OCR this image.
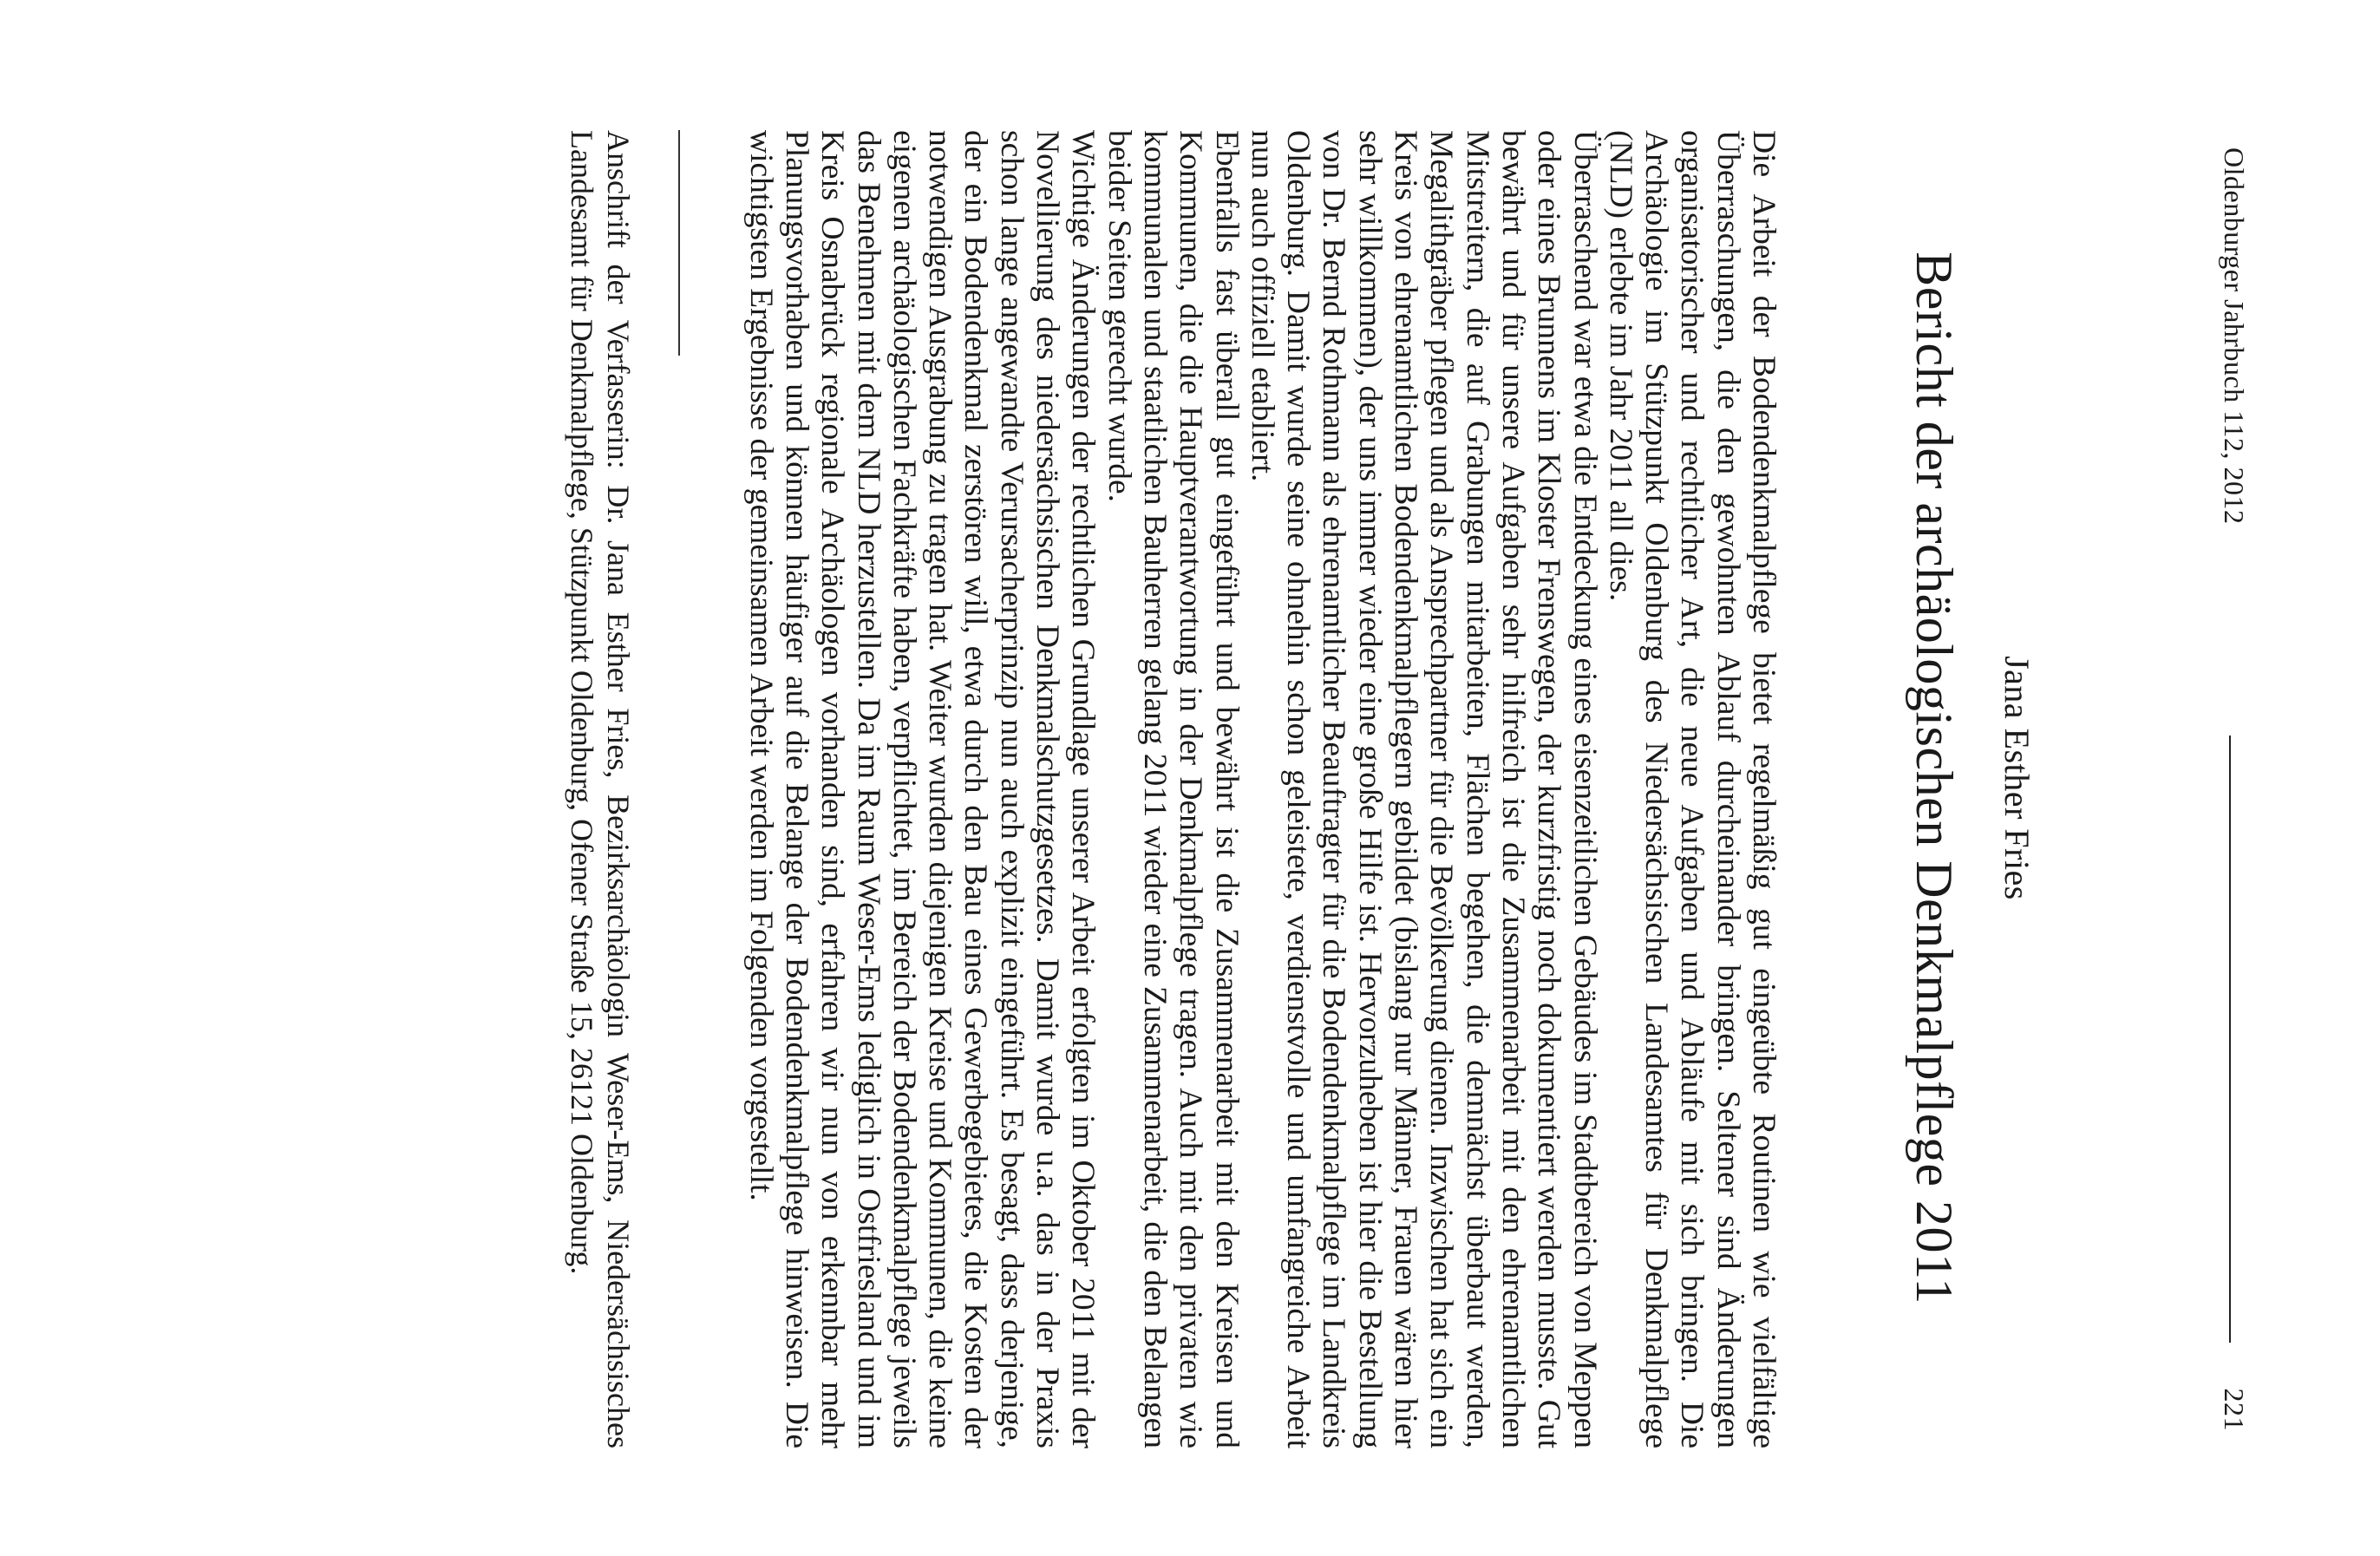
Oldenburger Jahrbuch 112, 2012
221
Jana Esther Fries
Bericht der archäologischen Denkmalpflege 2011

Die Arbeit der Bodendenkmalpflege bietet regelmäßig gut eingeübte Routinen wie vielfältige Überraschungen, die den gewohnten Ablauf durcheinander bringen. Seltener sind Änderungen organisatorischer und rechtlicher Art, die neue Aufgaben und Abläufe mit sich bringen. Die Archäologie im Stützpunkt Oldenburg des Niedersächsischen Landesamtes für Denkmalpflege (NLD) erlebte im Jahr 2011 all dies.

Überraschend war etwa die Entdeckung eines eisenzeitlichen Gebäudes im Stadtbereich von Meppen oder eines Brunnens im Kloster Frenswegen, der kurzfristig noch dokumentiert werden musste. Gut bewährt und für unsere Aufgaben sehr hilfreich ist die Zusammenarbeit mit den ehrenamtlichen Mitstreitern, die auf Grabungen mitarbeiten, Flächen begehen, die demnächst überbaut werden, Megalithgräber pflegen und als Ansprechpartner für die Bevölkerung dienen. Inzwischen hat sich ein Kreis von ehrenamtlichen Bodendenkmalpflegern gebildet (bislang nur Männer, Frauen wären hier sehr willkommen), der uns immer wieder eine große Hilfe ist. Hervorzuheben ist hier die Bestellung von Dr. Bernd Rothmann als ehrenamtlicher Beauftragter für die Bodendenkmalpflege im Landkreis Oldenburg. Damit wurde seine ohnehin schon geleistete, verdienstvolle und umfangreiche Arbeit nun auch offiziell etabliert.

Ebenfalls fast überall gut eingeführt und bewährt ist die Zusammenarbeit mit den Kreisen und Kommunen, die die Hauptverantwortung in der Denkmalpflege tragen. Auch mit den privaten wie kommunalen und staatlichen Bauherren gelang 2011 wieder eine Zusammenarbeit, die den Belangen beider Seiten gerecht wurde.

Wichtige Änderungen der rechtlichen Grundlage unserer Arbeit erfolgten im Oktober 2011 mit der Novellierung des niedersächsischen Denkmalschutzgesetzes. Damit wurde u.a. das in der Praxis schon lange angewandte Verursacherprinzip nun auch explizit eingeführt. Es besagt, dass derjenige, der ein Bodendenkmal zerstören will, etwa durch den Bau eines Gewerbegebietes, die Kosten der notwendigen Ausgrabung zu tragen hat. Weiter wurden diejenigen Kreise und Kommunen, die keine eigenen archäologischen Fachkräfte haben, verpflichtet, im Bereich der Bodendenkmalpflege jeweils das Benehmen mit dem NLD herzustellen. Da im Raum Weser-Ems lediglich in Ostfriesland und im Kreis Osnabrück regionale Archäologen vorhanden sind, erfahren wir nun von erkennbar mehr Planungsvorhaben und können häufiger auf die Belange der Bodendenkmalpflege hinweisen. Die wichtigsten Ergebnisse der gemeinsamen Arbeit werden im Folgenden vorgestellt.

Anschrift der Verfasserin: Dr. Jana Esther Fries, Bezirksarchäologin Weser-Ems, Niedersächsisches Landesamt für Denkmalpflege, Stützpunkt Oldenburg, Ofener Straße 15, 26121 Oldenburg.
